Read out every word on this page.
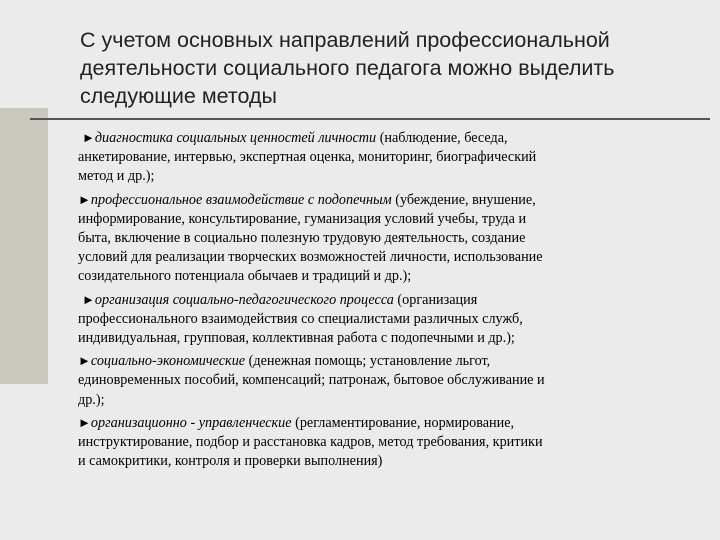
С учетом основных направлений профессиональной
деятельности социального педагога можно выделить
следующие методы
►диагностика социальных ценностей личности (наблюдение, беседа,
анкетирование, интервью, экспертная оценка, мониторинг, биографический
метод и др.);
►профессиональное взаимодействие с подопечным (убеждение, внушение,
информирование, консультирование, гуманизация условий учебы, труда и
быта, включение в социально полезную трудовую деятельность, создание
условий для реализации творческих возможностей личности, использование
созидательного потенциала обычаев и традиций и др.);
►организация социально-педагогического процесса (организация
профессионального взаимодействия со специалистами различных служб,
индивидуальная, групповая, коллективная работа с подопечными и др.);
►социально-экономические (денежная помощь; установление льгот,
единовременных пособий, компенсаций; патронаж, бытовое обслуживание и
др.);
►организационно - управленческие (регламентирование, нормирование,
инструктирование, подбор и расстановка кадров, метод требования, критики
и самокритики, контроля и проверки выполнения)
